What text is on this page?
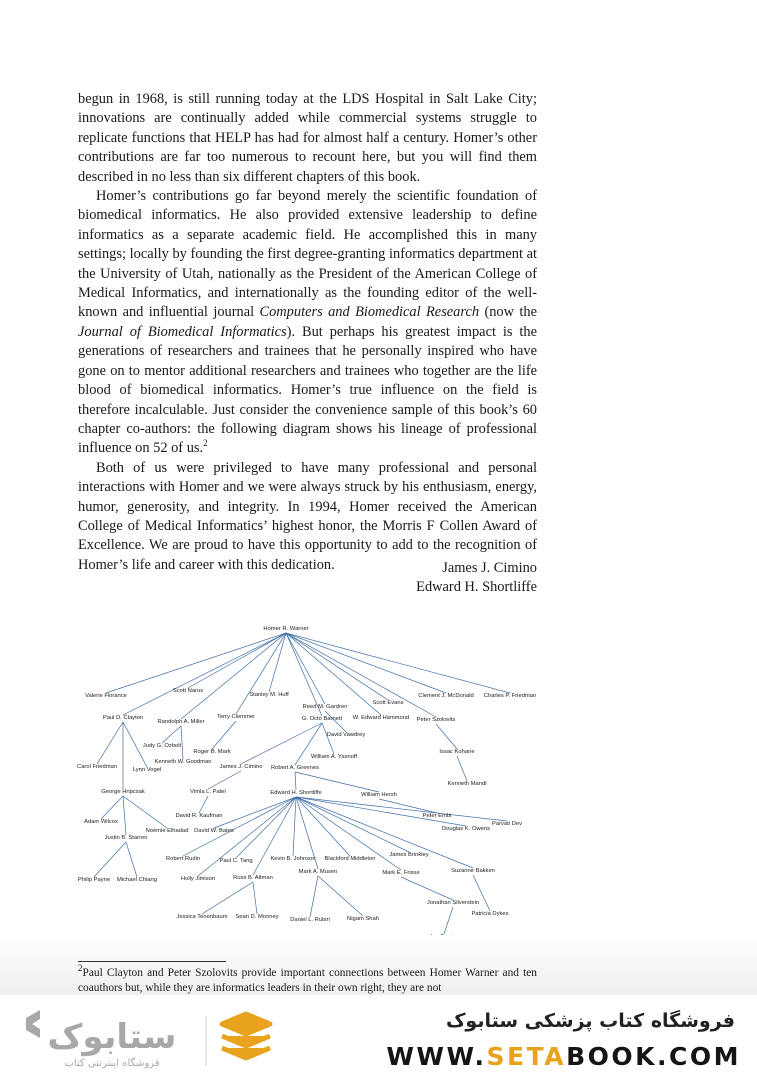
begun in 1968, is still running today at the LDS Hospital in Salt Lake City; innovations are continually added while commercial systems struggle to replicate functions that HELP has had for almost half a century. Homer’s other contributions are far too numerous to recount here, but you will find them described in no less than six different chapters of this book.

Homer’s contributions go far beyond merely the scientific foundation of biomedical informatics. He also provided extensive leadership to define informatics as a separate academic field. He accomplished this in many settings; locally by founding the first degree-granting informatics department at the University of Utah, nationally as the President of the American College of Medical Informatics, and internationally as the founding editor of the well-known and influential journal Computers and Biomedical Research (now the Journal of Biomedical Informatics). But perhaps his greatest impact is the generations of researchers and trainees that he personally inspired who have gone on to mentor additional researchers and trainees who together are the life blood of biomedical informatics. Homer’s true influence on the field is therefore incalculable. Just consider the convenience sample of this book’s 60 chapter co-authors: the following diagram shows his lineage of professional influence on 52 of us.$^2$

Both of us were privileged to have many professional and personal interactions with Homer and we were always struck by his enthusiasm, energy, humor, generosity, and integrity. In 1994, Homer received the American College of Medical Informatics’ highest honor, the Morris F Collen Award of Excellence. We are proud to have this opportunity to add to the recognition of Homer’s life and career with this dedication.	James J. Cimino
Edward H. Shortliffe
Homer R. Warner
Valerie Florance
Scott Narus
Stanley M. Huff
Reed M. Gardner
Scott Evans
Clement J. McDonald Charles P. Friedman
Paul D. Clayton
Randolph A. Miller
Terry Clemmer	G. Octo Barnett W. Edward Hammond Peter Szolovits
Judy G. Ozbolt
Roger B. Mark
David Vawdrey
Kenneth W. Goodman
William A. Yasnoff
Issac Kohane
Carol Friedman	Lynn Vogel	James J. Cimino Robert A. Greenes
Kenneth Mandl
George Hripcsak	Vimla L. Patel	Edward H. Shortliffe	William Hersh
David R. Kaufman	Peter Embi
Adam Wilcox
Noémie Elhadad David W. Bates	Douglas K. Owens
Parvati Dev
Justin B. Starren
James Brinkley
Robert Rudin	Paul C. Tang	Kevin B. Johnson Blackford Middleton
Suzanne Bakken
Mark A. Musen	Mark E. Frisse
Holly Jimison	Russ B. Altman
Philip Payne Michael Chiang
Jonathan Silverstein
Patricia Dykes
Jessica Tenenbaum Sean D. Mooney Daniel L. Rubin	Nigam Shah
$^2$Paul Clayton and Peter Szolovits provide important connections between Homer Warner and ten coauthors but, while they are informatics leaders in their own right, they are not
ستابوک
فروشگاه اینترنتی کتاب
فروشگاه کتاب پزشکی ستابوک
WWW.SETABOOK.COM
